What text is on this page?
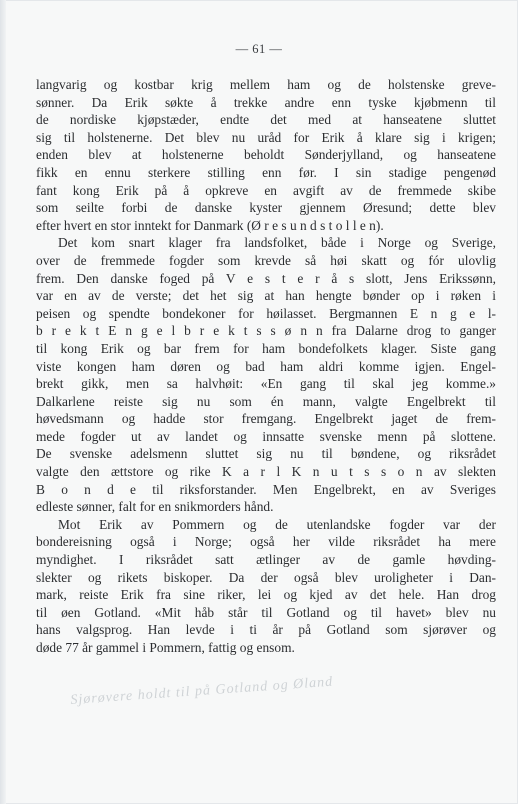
— 61 —

langvarig og kostbar krig mellem ham og de holstenske greve-
sønner. Da Erik søkte å trekke andre enn tyske kjøbmenn til
de nordiske kjøpstæder, endte det med at hanseatene sluttet
sig til holstenerne. Det blev nu uråd for Erik å klare sig i krigen;
enden blev at holstenerne beholdt Sønderjylland, og hanseatene
fikk en ennu sterkere stilling enn før. I sin stadige pengenød
fant kong Erik på å opkreve en avgift av de fremmede skibe
som seilte forbi de danske kyster gjennem Øresund; dette blev
efter hvert en stor inntekt for Danmark (Ø r e s u n d s t o l l e n).

Det kom snart klager fra landsfolket, både i Norge og Sverige,
over de fremmede fogder som krevde så høi skatt og fór ulovlig
frem. Den danske foged på V e s t e r å s slott, Jens Erikssønn,
var en av de verste; det het sig at han hengte bønder op i røken i
peisen og spendte bondekoner for høilasset. Bergmannen E n g e l-
b r e k t E n g e l b r e k t s s ø n n fra Dalarne drog to ganger
til kong Erik og bar frem for ham bondefolkets klager. Siste gang
viste kongen ham døren og bad ham aldri komme igjen. Engel-
brekt gikk, men sa halvhøit: «En gang til skal jeg komme.»
Dalkarlene reiste sig nu som én mann, valgte Engelbrekt til
høvedsmann og hadde stor fremgang. Engelbrekt jaget de frem-
mede fogder ut av landet og innsatte svenske menn på slottene.
De svenske adelsmenn sluttet sig nu til bøndene, og riksrådet
valgte den ættstore og rike K a r l K n u t s s o n av slekten
B o n d e til riksforstander. Men Engelbrekt, en av Sveriges
edleste sønner, falt for en snikmorders hånd.

Mot Erik av Pommern og de utenlandske fogder var der
bondereisning også i Norge; også her vilde riksrådet ha mere
myndighet. I riksrådet satt ætlinger av de gamle høvding-
slekter og rikets biskoper. Da der også blev uroligheter i Dan-
mark, reiste Erik fra sine riker, lei og kjed av det hele. Han drog
til øen Gotland. «Mit håb står til Gotland og til havet» blev nu
hans valgsprog. Han levde i ti år på Gotland som sjørøver og
døde 77 år gammel i Pommern, fattig og ensom.

Sjørøvere holdt til på Gotland og Øland
